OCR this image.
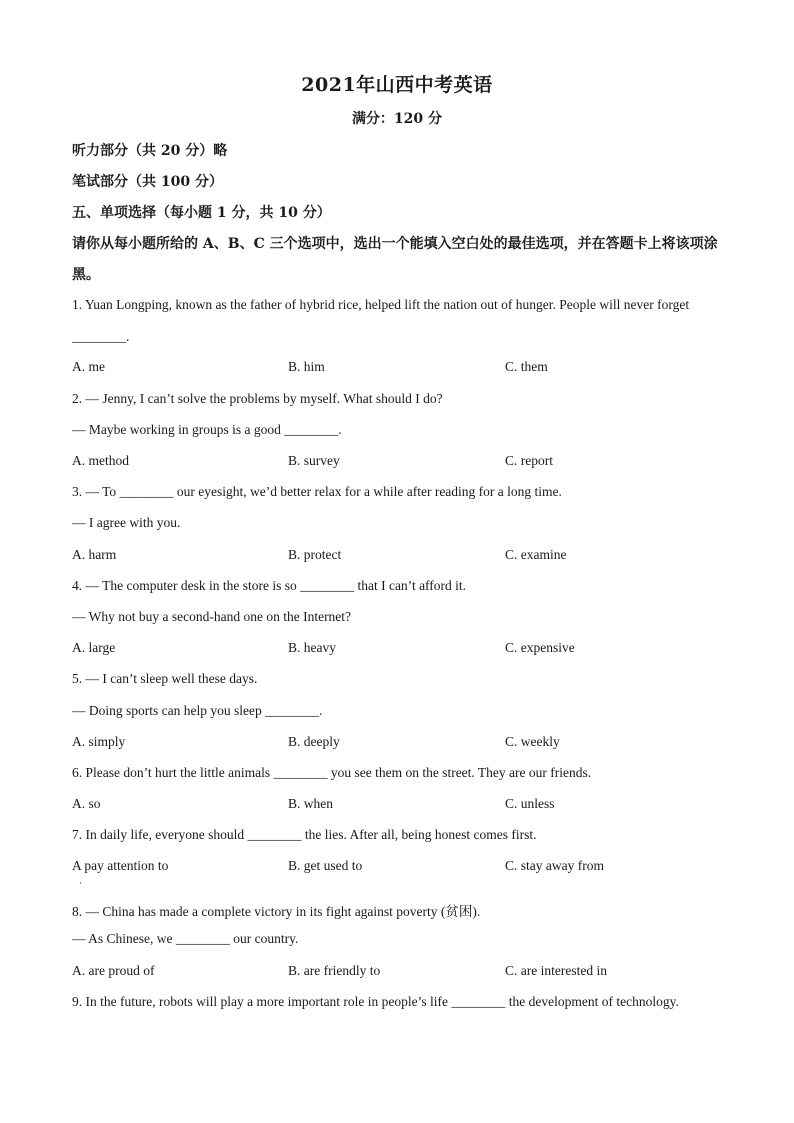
2021年山西中考英语
满分：120 分
听力部分（共 20 分）略
笔试部分（共 100 分）
五、单项选择（每小题 1 分，共 10 分）
请你从每小题所给的 A、B、C 三个选项中，选出一个能填入空白处的最佳选项，并在答题卡上将该项涂黑。
1. Yuan Longping, known as the father of hybrid rice, helped lift the nation out of hunger. People will never forget
________.
A. me	B. him	C. them
2. — Jenny, I can’t solve the problems by myself. What should I do?
— Maybe working in groups is a good ________.
A. method	B. survey	C. report
3. — To ________ our eyesight, we’d better relax for a while after reading for a long time.
— I agree with you.
A. harm	B. protect	C. examine
4. — The computer desk in the store is so ________ that I can’t afford it.
— Why not buy a second-hand one on the Internet?
A. large	B. heavy	C. expensive
5. — I can’t sleep well these days.
— Doing sports can help you sleep ________.
A. simply	B. deeply	C. weekly
6. Please don’t hurt the little animals ________ you see them on the street. They are our friends.
A. so	B. when	C. unless
7. In daily life, everyone should ________ the lies. After all, being honest comes first.
A pay attention to	B. get used to	C. stay away from
·
8. — China has made a complete victory in its fight against poverty (贫困).
— As Chinese, we ________ our country.
A. are proud of	B. are friendly to	C. are interested in
9. In the future, robots will play a more important role in people’s life ________ the development of technology.
